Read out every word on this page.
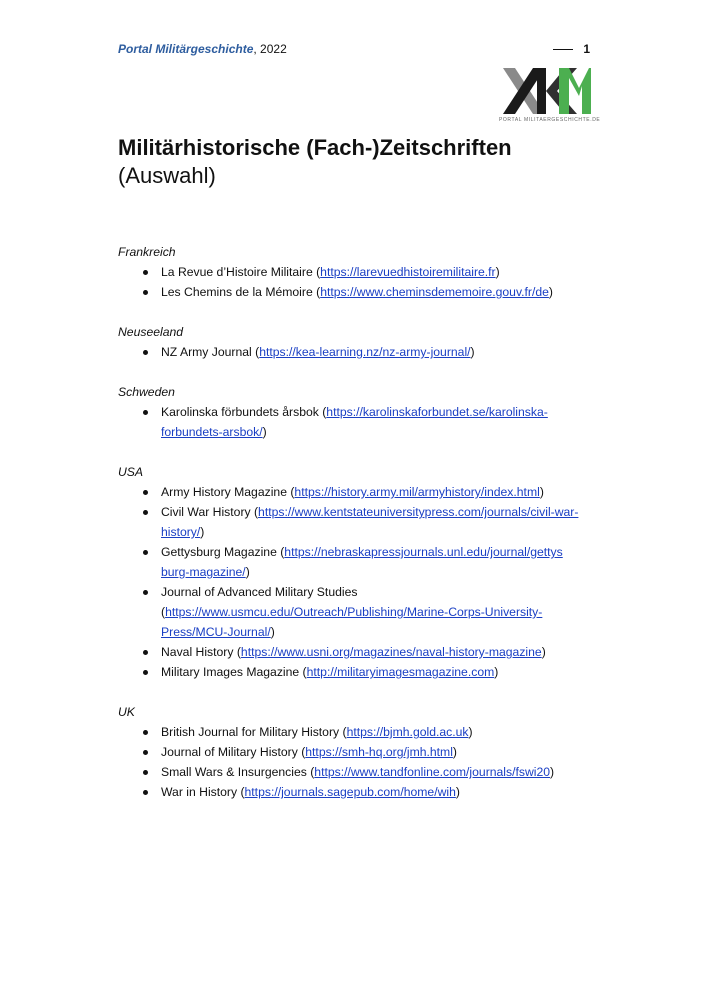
Portal Militärgeschichte, 2022	1
PORTAL MILITAERGESCHICHTE.DE
Militärhistorische (Fach-)Zeitschriften
(Auswahl)
Frankreich
La Revue d’Histoire Militaire (https://larevuedhistoiremilitaire.fr)
Les Chemins de la Mémoire (https://www.cheminsdememoire.gouv.fr/de)
Neuseeland
NZ Army Journal (https://kea-learning.nz/nz-army-journal/)
Schweden
Karolinska förbundets årsbok (https://karolinskaforbundet.se/karolinska-forbundets-arsbok/)
USA
Army History Magazine (https://history.army.mil/armyhistory/index.html)
Civil War History (https://www.kentstateuniversitypress.com/journals/civil-war-history/)
Gettysburg Magazine (https://nebraskapressjournals.unl.edu/journal/gettys burg-magazine/)
Journal of Advanced Military Studies (https://www.usmcu.edu/Outreach/Publishing/Marine-Corps-University-Press/MCU-Journal/)
Naval History (https://www.usni.org/magazines/naval-history-magazine)
Military Images Magazine (http://militaryimagesmagazine.com)
UK
British Journal for Military History (https://bjmh.gold.ac.uk)
Journal of Military History (https://smh-hq.org/jmh.html)
Small Wars & Insurgencies (https://www.tandfonline.com/journals/fswi20)
War in History (https://journals.sagepub.com/home/wih)
